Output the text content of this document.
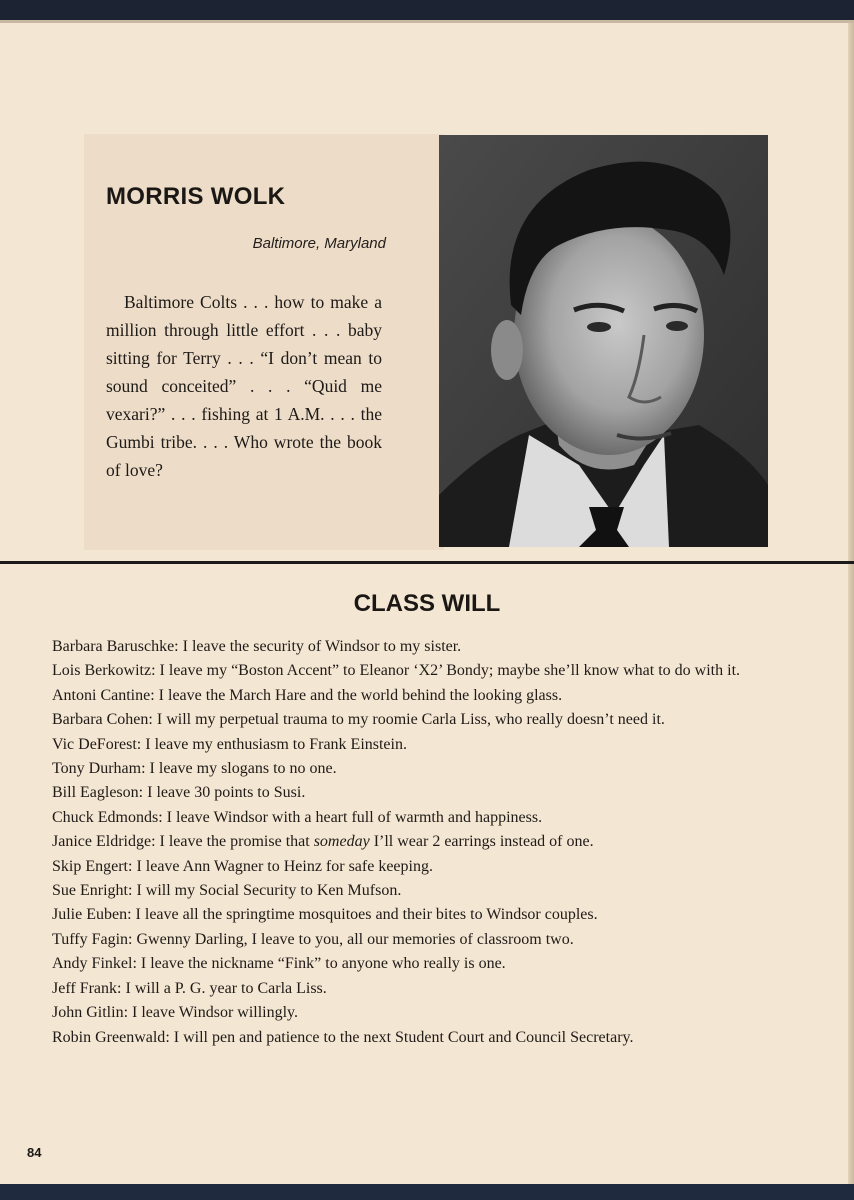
MORRIS WOLK
Baltimore, Maryland
Baltimore Colts . . . how to make a million through little effort . . . baby sitting for Terry . . . “I don’t mean to sound conceited” . . . “Quid me vexari?” . . . fishing at 1 A.M. . . . the Gumbi tribe. . . . Who wrote the book of love?
CLASS WILL
Barbara Baruschke: I leave the security of Windsor to my sister.
Lois Berkowitz: I leave my “Boston Accent” to Eleanor ‘X2’ Bondy; maybe she’ll know what to do with it.
Antoni Cantine: I leave the March Hare and the world behind the looking glass.
Barbara Cohen: I will my perpetual trauma to my roomie Carla Liss, who really doesn’t need it.
Vic DeForest: I leave my enthusiasm to Frank Einstein.
Tony Durham: I leave my slogans to no one.
Bill Eagleson: I leave 30 points to Susi.
Chuck Edmonds: I leave Windsor with a heart full of warmth and happiness.
Janice Eldridge: I leave the promise that someday I’ll wear 2 earrings instead of one.
Skip Engert: I leave Ann Wagner to Heinz for safe keeping.
Sue Enright: I will my Social Security to Ken Mufson.
Julie Euben: I leave all the springtime mosquitoes and their bites to Windsor couples.
Tuffy Fagin: Gwenny Darling, I leave to you, all our memories of classroom two.
Andy Finkel: I leave the nickname “Fink” to anyone who really is one.
Jeff Frank: I will a P. G. year to Carla Liss.
John Gitlin: I leave Windsor willingly.
Robin Greenwald: I will pen and patience to the next Student Court and Council Secretary.
84
